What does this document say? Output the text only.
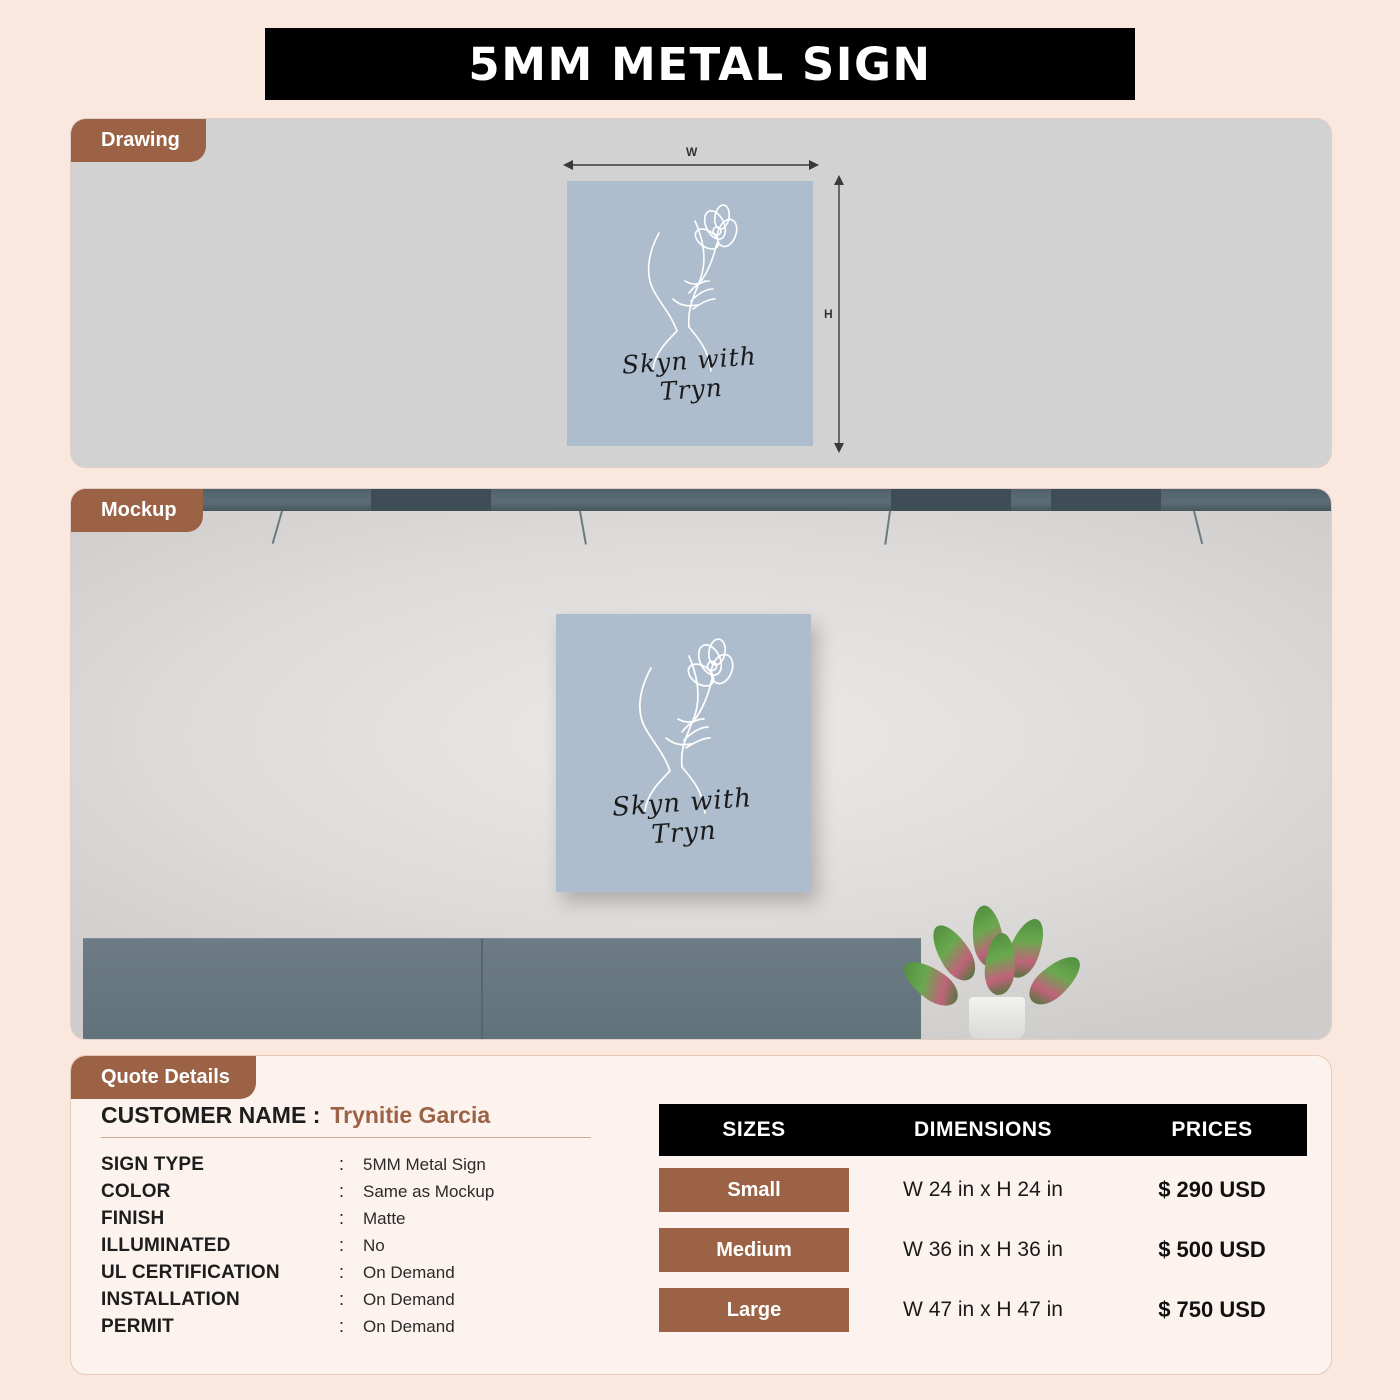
5MM METAL SIGN
Drawing
W
H
Skyn with Tryn
Mockup
Skyn with Tryn
Quote Details
CUSTOMER NAME : Trynitie Garcia
SIGN TYPE	:	5MM Metal Sign
COLOR	:	Same as Mockup
FINISH	:	Matte
ILLUMINATED	:	No
UL CERTIFICATION	:	On Demand
INSTALLATION	:	On Demand
PERMIT	:	On Demand
SIZES	DIMENSIONS	PRICES
Small	W 24 in x H 24 in	$ 290 USD
Medium	W 36 in x H 36 in	$ 500 USD
Large	W 47 in x H 47 in	$ 750 USD
